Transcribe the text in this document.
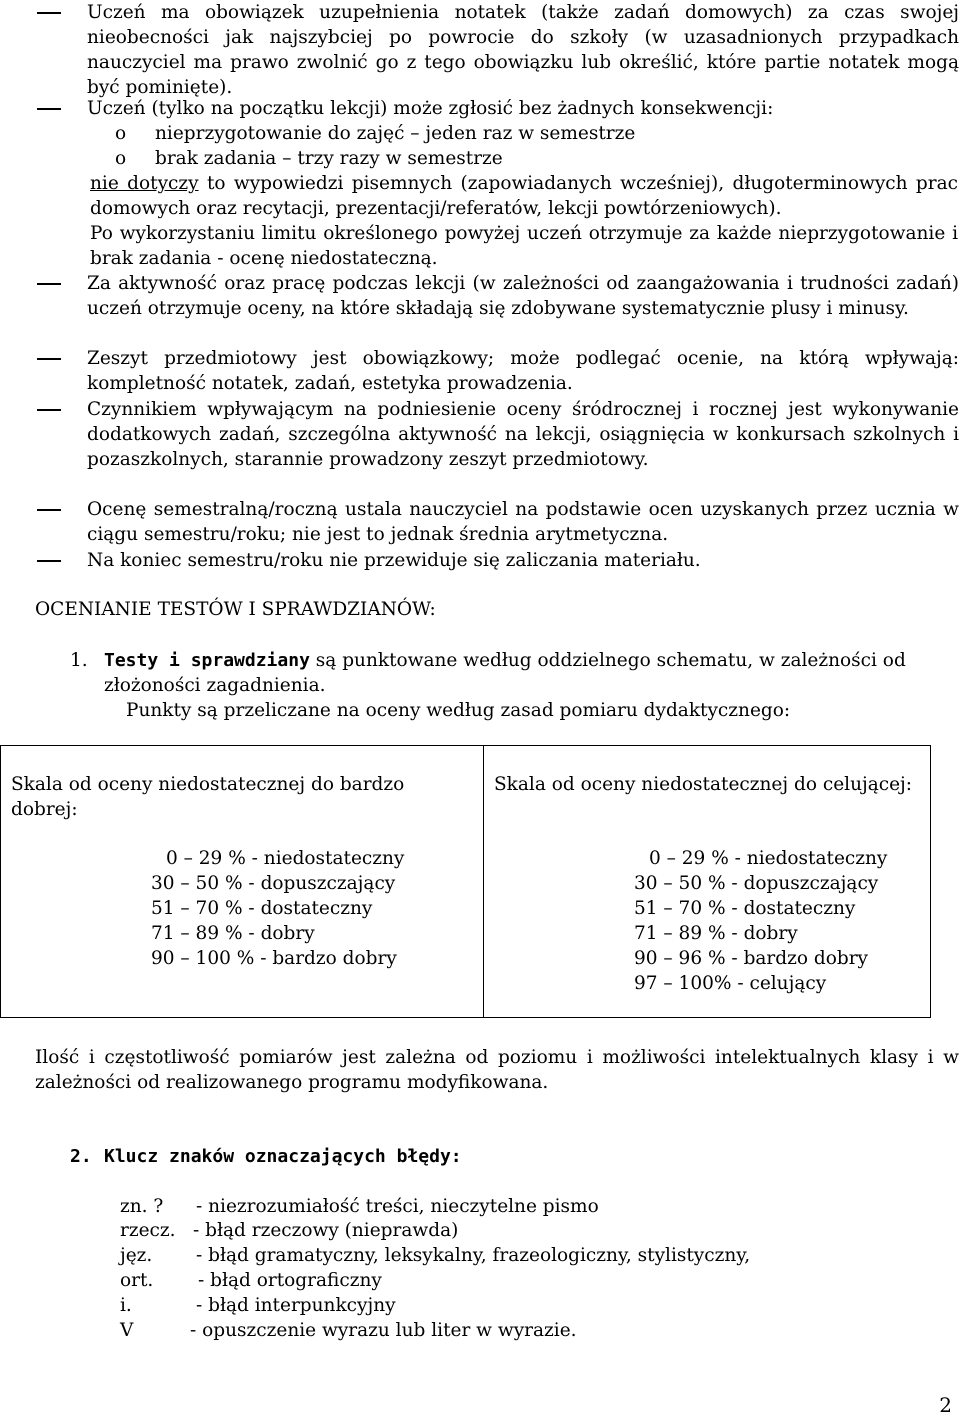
Uczeń ma obowiązek uzupełnienia notatek (także zadań domowych) za czas swojej nieobecności jak najszybciej po powrocie do szkoły (w uzasadnionych przypadkach nauczyciel ma prawo zwolnić go z tego obowiązku lub określić, które partie notatek mogą być pominięte).

Uczeń (tylko na początku lekcji) może zgłosić bez żadnych konsekwencji:

o	nieprzygotowanie do zajęć – jeden raz w semestrze
o	brak zadania – trzy razy w semestrze

nie dotyczy to wypowiedzi pisemnych (zapowiadanych wcześniej), długoterminowych prac domowych oraz recytacji, prezentacji/referatów, lekcji powtórzeniowych).

Po wykorzystaniu limitu określonego powyżej uczeń otrzymuje za każde nieprzygotowanie i brak zadania - ocenę niedostateczną.

Za aktywność oraz pracę podczas lekcji (w zależności od zaangażowania i trudności zadań) uczeń otrzymuje oceny, na które składają się zdobywane systematycznie plusy i minusy.

Zeszyt przedmiotowy jest obowiązkowy; może podlegać ocenie, na którą wpływają: kompletność notatek, zadań, estetyka prowadzenia.

Czynnikiem wpływającym na podniesienie oceny śródrocznej i rocznej jest wykonywanie dodatkowych zadań, szczególna aktywność na lekcji, osiągnięcia w konkursach szkolnych i pozaszkolnych, starannie prowadzony zeszyt przedmiotowy.

Ocenę semestralną/roczną ustala nauczyciel na podstawie ocen uzyskanych przez ucznia w ciągu semestru/roku; nie jest to jednak średnia arytmetyczna.

Na koniec semestru/roku nie przewiduje się zaliczania materiału.

OCENIANIE TESTÓW I SPRAWDZIANÓW:
1. Testy i sprawdziany są punktowane według oddzielnego schematu, w zależności od złożoności zagadnienia.

Punkty są przeliczane na oceny według zasad pomiaru dydaktycznego:
Skala od oceny niedostatecznej do bardzo dobrej:
0 – 29 % - niedostateczny
30 – 50 % - dopuszczający
51 – 70 % - dostateczny
71 – 89 % - dobry
90 – 100 % - bardzo dobry
Skala od oceny niedostatecznej do celującej:
0 – 29 % - niedostateczny
30 – 50 % - dopuszczający
51 – 70 % - dostateczny
71 – 89 % - dobry
90 – 96 % - bardzo dobry
97 – 100% - celujący

Ilość i częstotliwość pomiarów jest zależna od poziomu i możliwości intelektualnych klasy i w zależności od realizowanego programu modyfikowana.

2. Klucz znaków oznaczających błędy:
zn. ?	- niezrozumiałość treści, nieczytelne pismo
rzecz. - błąd rzeczowy (nieprawda)
jęz.	- błąd gramatyczny, leksykalny, frazeologiczny, stylistyczny,
ort.	- błąd ortograficzny
i.	- błąd interpunkcyjny
V	- opuszczenie wyrazu lub liter w wyrazie.
2
